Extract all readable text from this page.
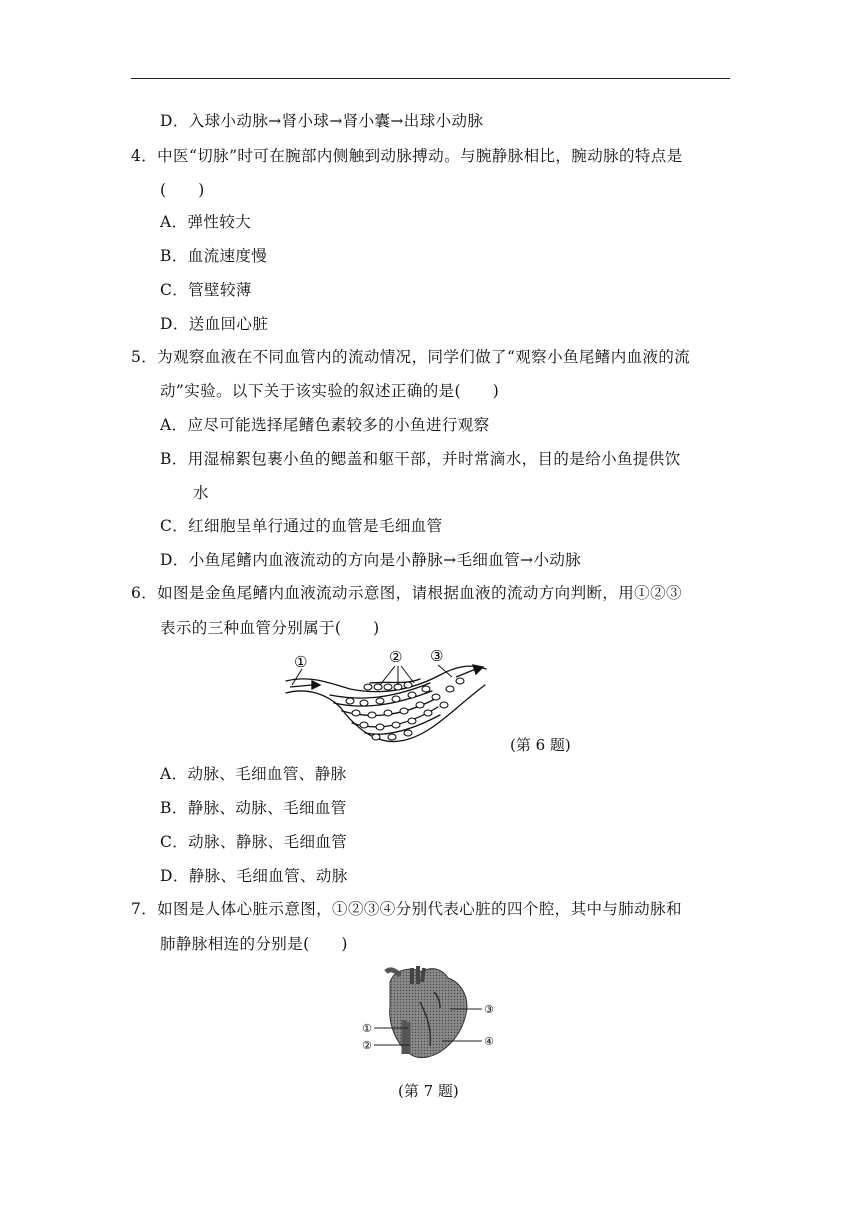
D．入球小动脉→肾小球→肾小囊→出球小动脉
4．中医“切脉”时可在腕部内侧触到动脉搏动。与腕静脉相比，腕动脉的特点是
(　　)
A．弹性较大
B．血流速度慢
C．管壁较薄
D．送血回心脏
5．为观察血液在不同血管内的流动情况，同学们做了“观察小鱼尾鳍内血液的流
动”实验。以下关于该实验的叙述正确的是(　　)
A．应尽可能选择尾鳍色素较多的小鱼进行观察
B．用湿棉絮包裹小鱼的鳃盖和躯干部，并时常滴水，目的是给小鱼提供饮
水
C．红细胞呈单行通过的血管是毛细血管
D．小鱼尾鳍内血液流动的方向是小静脉→毛细血管→小动脉
6．如图是金鱼尾鳍内血液流动示意图，请根据血液的流动方向判断，用①②③
表示的三种血管分别属于(　　)
①	② ③
(第 6 题)
A．动脉、毛细血管、静脉
B．静脉、动脉、毛细血管
C．动脉、静脉、毛细血管
D．静脉、毛细血管、动脉
7．如图是人体心脏示意图，①②③④分别代表心脏的四个腔，其中与肺动脉和
肺静脉相连的分别是(　　)
①
②
③
④
(第 7 题)
